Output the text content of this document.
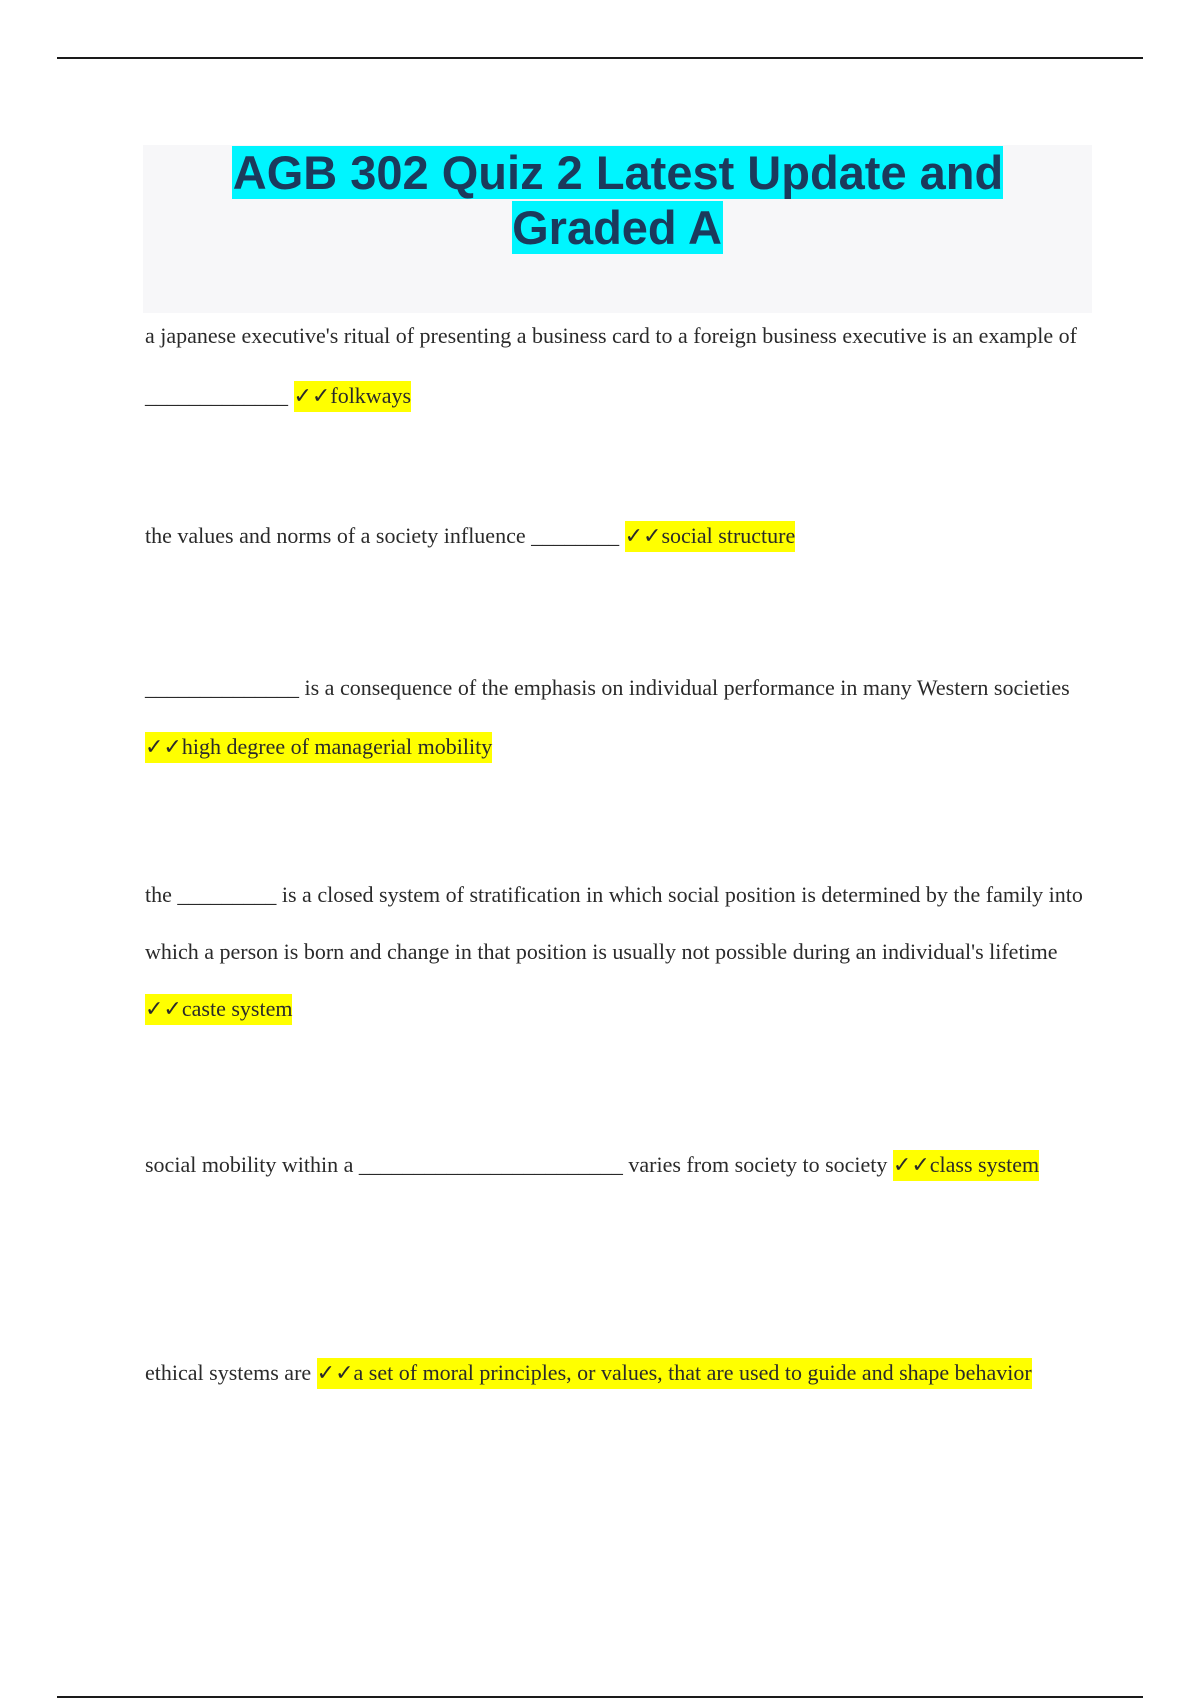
AGB 302 Quiz 2 Latest Update and Graded A

a japanese executive's ritual of presenting a business card to a foreign business executive is an example of _____________ ✓✓folkways

the values and norms of a society influence ________ ✓✓social structure

______________ is a consequence of the emphasis on individual performance in many Western societies ✓✓high degree of managerial mobility

the _________ is a closed system of stratification in which social position is determined by the family into which a person is born and change in that position is usually not possible during an individual's lifetime ✓✓caste system

social mobility within a ________________________ varies from society to society ✓✓class system

ethical systems are ✓✓a set of moral principles, or values, that are used to guide and shape behavior
